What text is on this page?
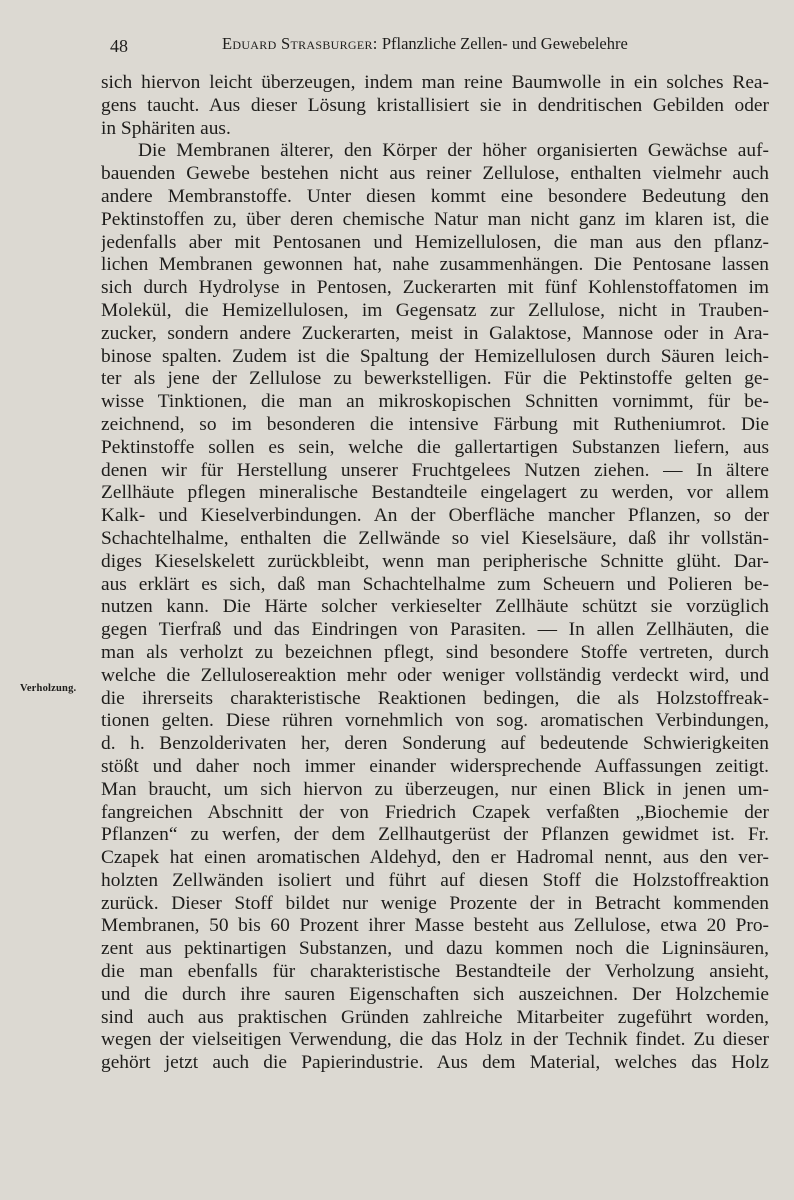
48	Eduard Strasburger: Pflanzliche Zellen- und Gewebelehre
Verholzung.
sich hiervon leicht überzeugen, indem man reine Baumwolle in ein solches Rea-
gens taucht. Aus dieser Lösung kristallisiert sie in dendritischen Gebilden oder
in Sphäriten aus.
Die Membranen älterer, den Körper der höher organisierten Gewächse auf-
bauenden Gewebe bestehen nicht aus reiner Zellulose, enthalten vielmehr auch
andere Membranstoffe. Unter diesen kommt eine besondere Bedeutung den
Pektinstoffen zu, über deren chemische Natur man nicht ganz im klaren ist, die
jedenfalls aber mit Pentosanen und Hemizellulosen, die man aus den pflanz-
lichen Membranen gewonnen hat, nahe zusammenhängen. Die Pentosane lassen
sich durch Hydrolyse in Pentosen, Zuckerarten mit fünf Kohlenstoffatomen im
Molekül, die Hemizellulosen, im Gegensatz zur Zellulose, nicht in Trauben-
zucker, sondern andere Zuckerarten, meist in Galaktose, Mannose oder in Ara-
binose spalten. Zudem ist die Spaltung der Hemizellulosen durch Säuren leich-
ter als jene der Zellulose zu bewerkstelligen. Für die Pektinstoffe gelten ge-
wisse Tinktionen, die man an mikroskopischen Schnitten vornimmt, für be-
zeichnend, so im besonderen die intensive Färbung mit Rutheniumrot. Die
Pektinstoffe sollen es sein, welche die gallertartigen Substanzen liefern, aus
denen wir für Herstellung unserer Fruchtgelees Nutzen ziehen. — In ältere
Zellhäute pflegen mineralische Bestandteile eingelagert zu werden, vor allem
Kalk- und Kieselverbindungen. An der Oberfläche mancher Pflanzen, so der
Schachtelhalme, enthalten die Zellwände so viel Kieselsäure, daß ihr vollstän-
diges Kieselskelett zurückbleibt, wenn man peripherische Schnitte glüht. Dar-
aus erklärt es sich, daß man Schachtelhalme zum Scheuern und Polieren be-
nutzen kann. Die Härte solcher verkieselter Zellhäute schützt sie vorzüglich
gegen Tierfraß und das Eindringen von Parasiten. — In allen Zellhäuten, die
man als verholzt zu bezeichnen pflegt, sind besondere Stoffe vertreten, durch
welche die Zellulosereaktion mehr oder weniger vollständig verdeckt wird, und
die ihrerseits charakteristische Reaktionen bedingen, die als Holzstoffreak-
tionen gelten. Diese rühren vornehmlich von sog. aromatischen Verbindungen,
d. h. Benzolderivaten her, deren Sonderung auf bedeutende Schwierigkeiten
stößt und daher noch immer einander widersprechende Auffassungen zeitigt.
Man braucht, um sich hiervon zu überzeugen, nur einen Blick in jenen um-
fangreichen Abschnitt der von Friedrich Czapek verfaßten „Biochemie der
Pflanzen“ zu werfen, der dem Zellhautgerüst der Pflanzen gewidmet ist. Fr.
Czapek hat einen aromatischen Aldehyd, den er Hadromal nennt, aus den ver-
holzten Zellwänden isoliert und führt auf diesen Stoff die Holzstoffreaktion
zurück. Dieser Stoff bildet nur wenige Prozente der in Betracht kommenden
Membranen, 50 bis 60 Prozent ihrer Masse besteht aus Zellulose, etwa 20 Pro-
zent aus pektinartigen Substanzen, und dazu kommen noch die Ligninsäuren,
die man ebenfalls für charakteristische Bestandteile der Verholzung ansieht,
und die durch ihre sauren Eigenschaften sich auszeichnen. Der Holzchemie
sind auch aus praktischen Gründen zahlreiche Mitarbeiter zugeführt worden,
wegen der vielseitigen Verwendung, die das Holz in der Technik findet. Zu dieser
gehört jetzt auch die Papierindustrie. Aus dem Material, welches das Holz
